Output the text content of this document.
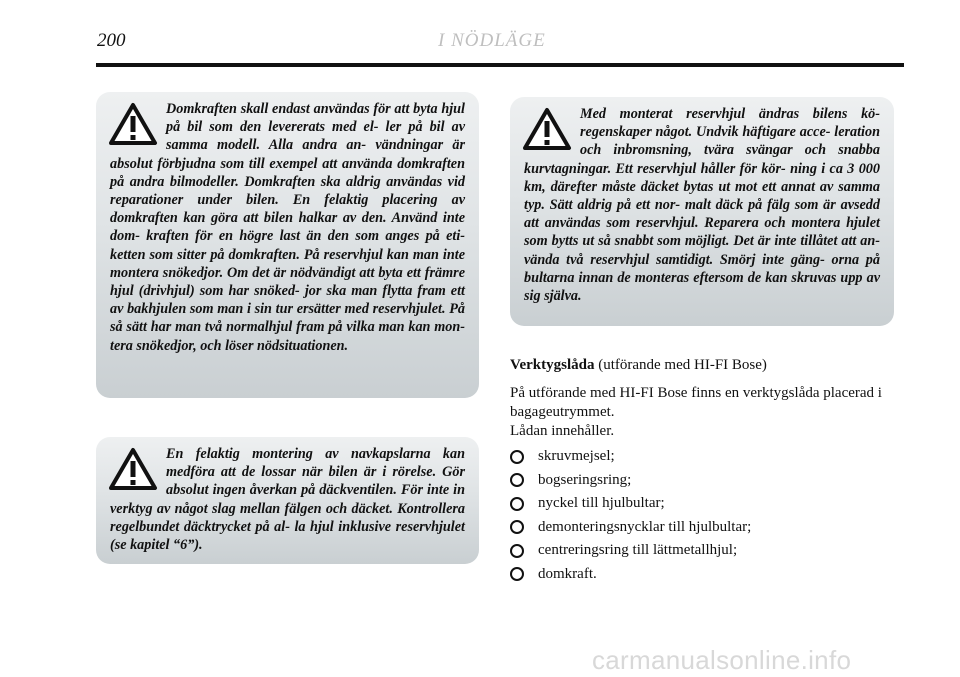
200	I NÖDLÄGE

Domkraften skall endast användas för att byta hjul på bil som den levererats med el- ler på bil av samma modell. Alla andra an- vändningar är absolut förbjudna som till exempel att använda domkraften på andra bilmodeller. Domkraften ska aldrig användas vid reparationer under bilen. En felaktig placering av domkraften kan göra att bilen halkar av den. Använd inte dom- kraften för en högre last än den som anges på eti- ketten som sitter på domkraften. På reservhjul kan man inte montera snökedjor. Om det är nödvändigt att byta ett främre hjul (drivhjul) som har snöked- jor ska man flytta fram ett av bakhjulen som man i sin tur ersätter med reservhjulet. På så sätt har man två normalhjul fram på vilka man kan mon- tera snökedjor, och löser nödsituationen.

En felaktig montering av navkapslarna kan medföra att de lossar när bilen är i rörelse. Gör absolut ingen åverkan på däckventilen. För inte in verktyg av något slag mellan fälgen och däcket. Kontrollera regelbundet däcktrycket på al- la hjul inklusive reservhjulet (se kapitel “6”).

Med monterat reservhjul ändras bilens kö- regenskaper något. Undvik häftigare acce- leration och inbromsning, tvära svängar och snabba kurvtagningar. Ett reservhjul håller för kör- ning i ca 3 000 km, därefter måste däcket bytas ut mot ett annat av samma typ. Sätt aldrig på ett nor- malt däck på fälg som är avsedd att användas som reservhjul. Reparera och montera hjulet som bytts ut så snabbt som möjligt. Det är inte tillåtet att an- vända två reservhjul samtidigt. Smörj inte gäng- orna på bultarna innan de monteras eftersom de kan skruvas upp av sig själva.

Verktygslåda (utförande med HI-FI Bose)

På utförande med HI-FI Bose finns en verktygslåda placerad i bagageutrymmet.

Lådan innehåller.

skruvmejsel;
bogseringsring;
nyckel till hjulbultar;
demonteringsnycklar till hjulbultar;
centreringsring till lättmetallhjul;
domkraft.
carmanualsonline.info
